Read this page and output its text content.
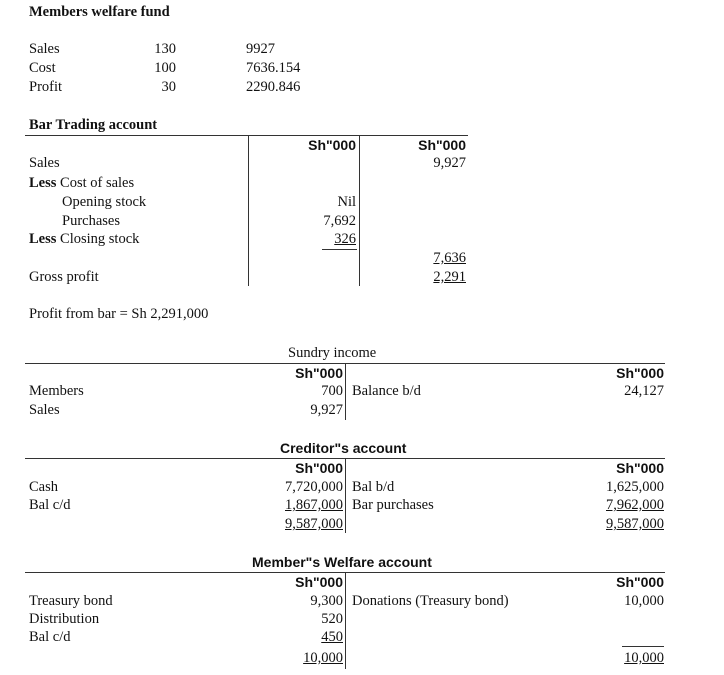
Members welfare fund
Sales	130	9927
Cost	100	7636.154
Profit	30	2290.846
Bar Trading account
Sh"000	Sh"000
Sales	9,927
Less Cost of sales
Opening stock	Nil
Purchases	7,692
Less Closing stock	326
7,636
Gross profit	2,291
Profit from bar = Sh 2,291,000
Sundry income
Sh"000	Sh"000
Members	700 Balance b/d	24,127
Sales	9,927
Creditor"s account
Sh"000	Sh"000
Cash	7,720,000 Bal b/d	1,625,000
Bal c/d	1,867,000 Bar purchases	7,962,000
9,587,000	9,587,000
Member"s Welfare account
Sh"000	Sh"000
Treasury bond	9,300 Donations (Treasury bond)	10,000
Distribution	520
Bal c/d	450
10,000	10,000
